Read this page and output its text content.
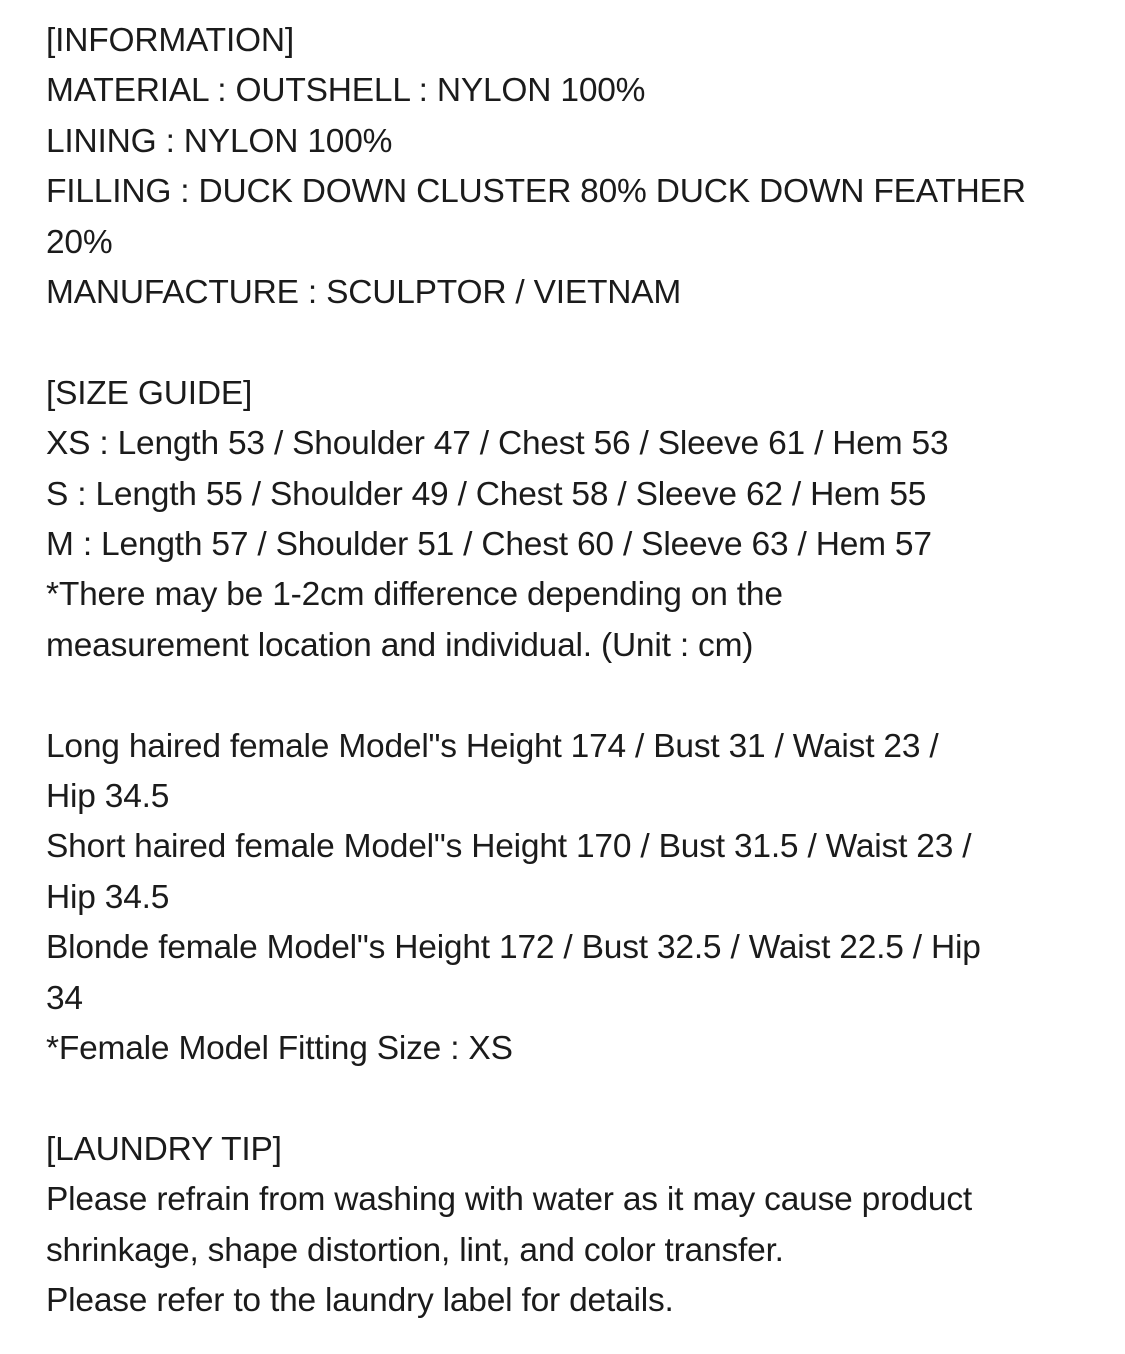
[INFORMATION]
MATERIAL : OUTSHELL : NYLON 100%
LINING : NYLON 100%
FILLING : DUCK DOWN CLUSTER 80% DUCK DOWN FEATHER
20%
MANUFACTURE : SCULPTOR / VIETNAM
[SIZE GUIDE]
XS : Length 53 / Shoulder 47 / Chest 56 / Sleeve 61 / Hem 53
S : Length 55 / Shoulder 49 / Chest 58 / Sleeve 62 / Hem 55
M : Length 57 / Shoulder 51 / Chest 60 / Sleeve 63 / Hem 57
*There may be 1-2cm difference depending on the
measurement location and individual. (Unit : cm)
Long haired female Model"s Height 174 / Bust 31 / Waist 23 /
Hip 34.5
Short haired female Model"s Height 170 / Bust 31.5 / Waist 23 /
Hip 34.5
Blonde female Model"s Height 172 / Bust 32.5 / Waist 22.5 / Hip
34
*Female Model Fitting Size : XS
[LAUNDRY TIP]
Please refrain from washing with water as it may cause product
shrinkage, shape distortion, lint, and color transfer.
Please refer to the laundry label for details.
